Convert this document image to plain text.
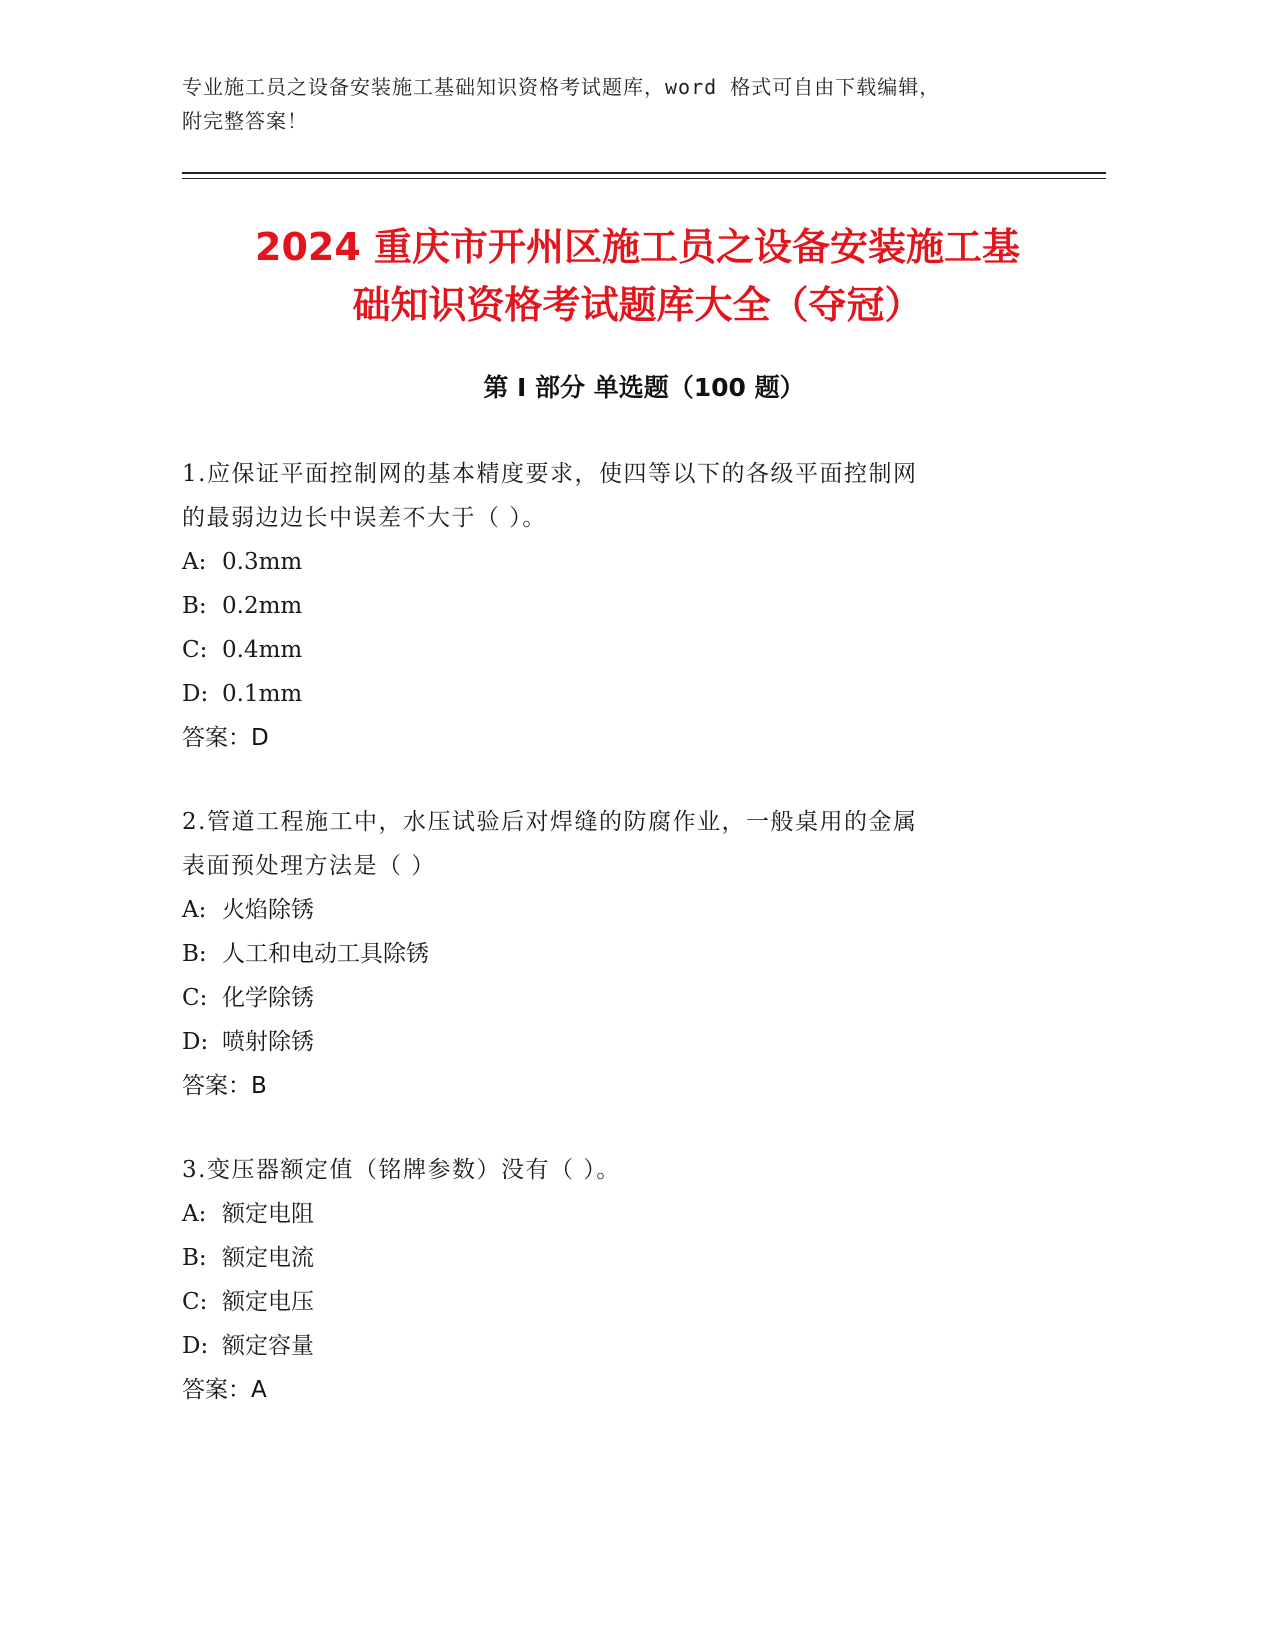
专业施工员之设备安装施工基础知识资格考试题库，word 格式可自由下载编辑，
附完整答案！
2024 重庆市开州区施工员之设备安装施工基
础知识资格考试题库大全（夺冠）
第 I 部分 单选题（100 题）

1.应保证平面控制网的基本精度要求，使四等以下的各级平面控制网
的最弱边边长中误差不大于（ ）。

A: 0.3mm
B: 0.2mm
C: 0.4mm
D: 0.1mm
答案：D

2.管道工程施工中，水压试验后对焊缝的防腐作业，一般桌用的金属
表面预处理方法是（ ）

A: 火焰除锈
B: 人工和电动工具除锈
C: 化学除锈
D: 喷射除锈
答案：B

3.变压器额定值（铭牌参数）没有（ ）。

A: 额定电阻
B: 额定电流
C: 额定电压
D: 额定容量
答案：A
